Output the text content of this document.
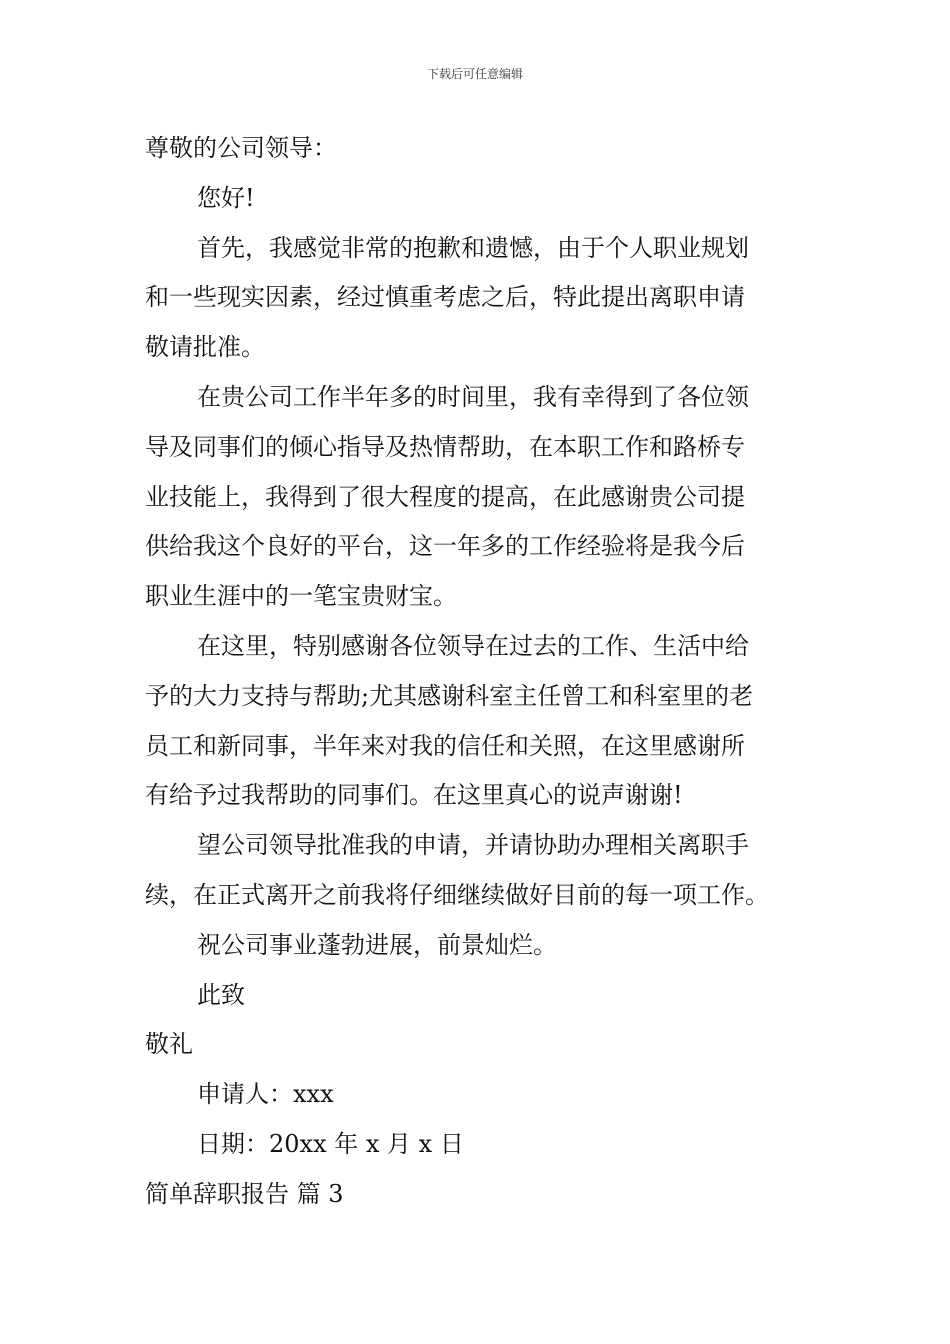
下载后可任意编辑
尊敬的公司领导：
您好!
首先，我感觉非常的抱歉和遗憾，由于个人职业规划
和一些现实因素，经过慎重考虑之后，特此提出离职申请
敬请批准。
在贵公司工作半年多的时间里，我有幸得到了各位领
导及同事们的倾心指导及热情帮助，在本职工作和路桥专
业技能上，我得到了很大程度的提高，在此感谢贵公司提
供给我这个良好的平台，这一年多的工作经验将是我今后
职业生涯中的一笔宝贵财宝。
在这里，特别感谢各位领导在过去的工作、生活中给
予的大力支持与帮助;尤其感谢科室主任曾工和科室里的老
员工和新同事，半年来对我的信任和关照，在这里感谢所
有给予过我帮助的同事们。在这里真心的说声谢谢!
望公司领导批准我的申请，并请协助办理相关离职手
续，在正式离开之前我将仔细继续做好目前的每一项工作。
祝公司事业蓬勃进展，前景灿烂。
此致
敬礼
申请人：xxx
日期：20xx 年 x 月 x 日
简单辞职报告 篇 3
